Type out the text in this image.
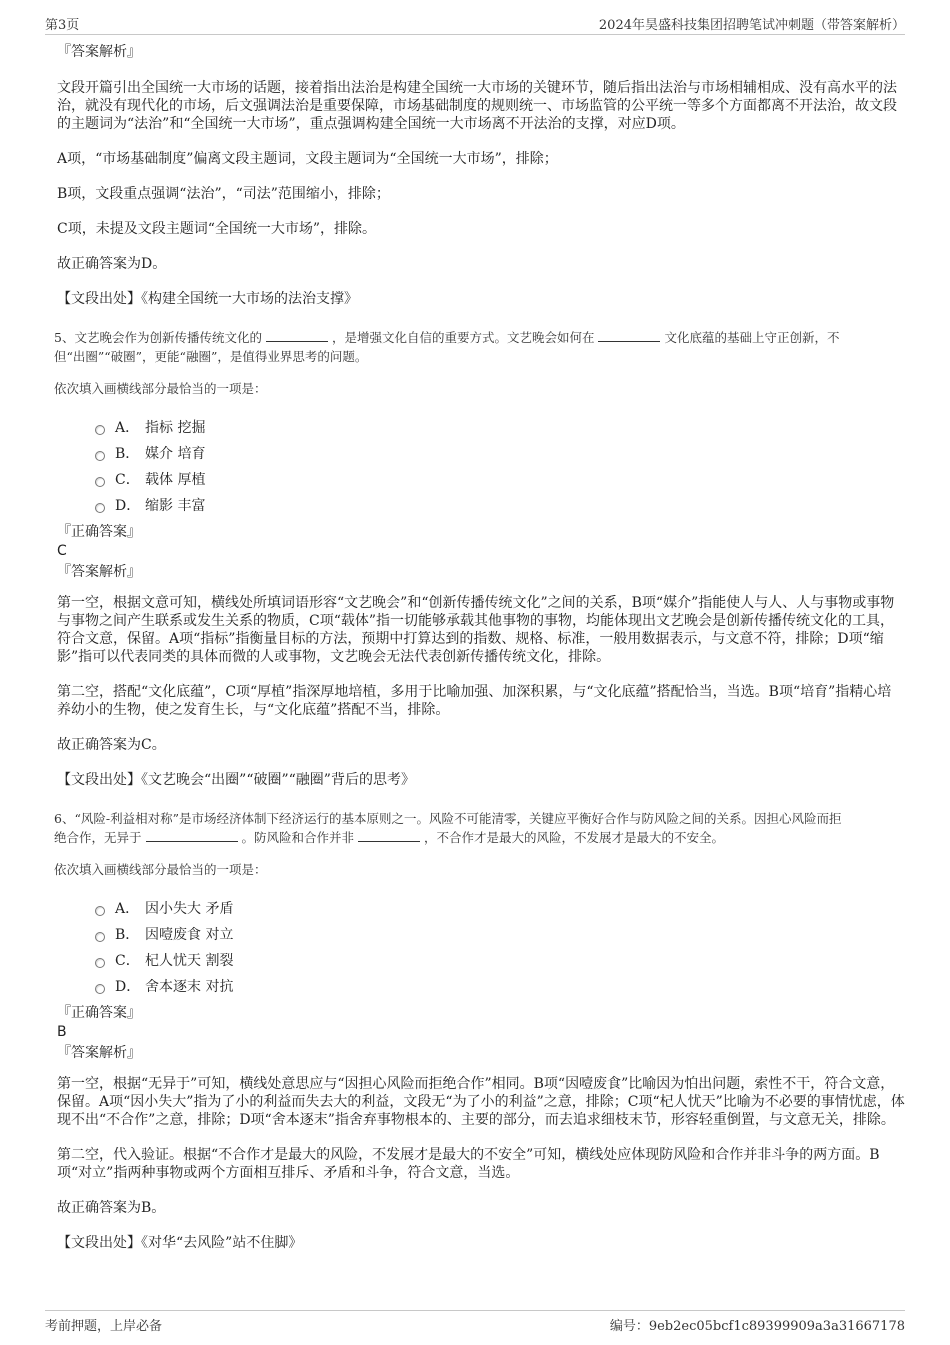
第3页	2024年昊盛科技集团招聘笔试冲刺题（带答案解析）

『答案解析』

文段开篇引出全国统一大市场的话题，接着指出法治是构建全国统一大市场的关键环节，随后指出法治与市场相辅相成、没有高水平的法治，就没有现代化的市场，后文强调法治是重要保障，市场基础制度的规则统一、市场监管的公平统一等多个方面都离不开法治，故文段的主题词为“法治”和“全国统一大市场”，重点强调构建全国统一大市场离不开法治的支撑，对应D项。

A项，“市场基础制度”偏离文段主题词，文段主题词为“全国统一大市场”，排除；

B项，文段重点强调“法治”，“司法”范围缩小，排除；

C项，未提及文段主题词“全国统一大市场”，排除。

故正确答案为D。

【文段出处】《构建全国统一大市场的法治支撑》

5、文艺晚会作为创新传播传统文化的	，是增强文化自信的重要方式。文艺晚会如何在	文化底蕴的基础上守正创新，不
但“出圈”“破圈”，更能“融圈”，是值得业界思考的问题。

依次填入画横线部分最恰当的一项是：

A． 指标 挖掘
B． 媒介 培育
C． 载体 厚植
D． 缩影 丰富

『正确答案』

C

『答案解析』

第一空，根据文意可知，横线处所填词语形容“文艺晚会”和“创新传播传统文化”之间的关系，B项“媒介”指能使人与人、人与事物或事物与事物之间产生联系或发生关系的物质，C项“载体”指一切能够承载其他事物的事物，均能体现出文艺晚会是创新传播传统文化的工具，符合文意，保留。A项“指标”指衡量目标的方法，预期中打算达到的指数、规格、标准，一般用数据表示，与文意不符，排除；D项“缩影”指可以代表同类的具体而微的人或事物，文艺晚会无法代表创新传播传统文化，排除。

第二空，搭配“文化底蕴”，C项“厚植”指深厚地培植，多用于比喻加强、加深积累，与“文化底蕴”搭配恰当，当选。B项“培育”指精心培养幼小的生物，使之发育生长，与“文化底蕴”搭配不当，排除。

故正确答案为C。

【文段出处】《文艺晚会“出圈”“破圈”“融圈”背后的思考》

6、“风险-利益相对称”是市场经济体制下经济运行的基本原则之一。风险不可能清零，关键应平衡好合作与防风险之间的关系。因担心风险而拒
绝合作，无异于	。防风险和合作并非	，不合作才是最大的风险，不发展才是最大的不安全。

依次填入画横线部分最恰当的一项是：

A． 因小失大 矛盾
B． 因噎废食 对立
C． 杞人忧天 割裂
D． 舍本逐末 对抗

『正确答案』

B

『答案解析』

第一空，根据“无异于”可知，横线处意思应与“因担心风险而拒绝合作”相同。B项“因噎废食”比喻因为怕出问题，索性不干，符合文意，保留。A项“因小失大”指为了小的利益而失去大的利益，文段无“为了小的利益”之意，排除；C项“杞人忧天”比喻为不必要的事情忧虑，体现不出“不合作”之意，排除；D项“舍本逐末”指舍弃事物根本的、主要的部分，而去追求细枝末节，形容轻重倒置，与文意无关，排除。

第二空，代入验证。根据“不合作才是最大的风险，不发展才是最大的不安全”可知，横线处应体现防风险和合作并非斗争的两方面。B项“对立”指两种事物或两个方面相互排斥、矛盾和斗争，符合文意，当选。

故正确答案为B。

【文段出处】《对华“去风险”站不住脚》

考前押题，上岸必备	编号：9eb2ec05bcf1c89399909a3a31667178
